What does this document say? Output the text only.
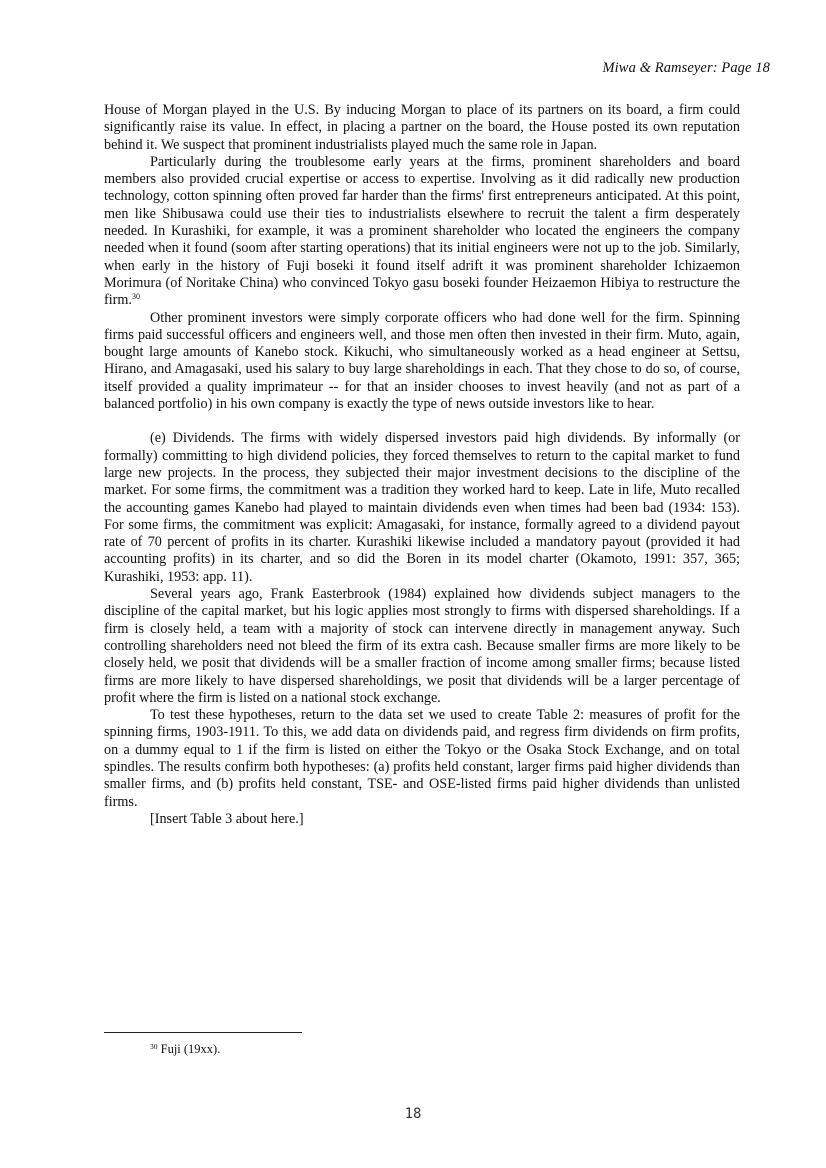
Miwa & Ramseyer: Page 18

House of Morgan played in the U.S. By inducing Morgan to place of its partners on its board, a firm could significantly raise its value. In effect, in placing a partner on the board, the House posted its own reputation behind it. We suspect that prominent industrialists played much the same role in Japan.

Particularly during the troublesome early years at the firms, prominent shareholders and board members also provided crucial expertise or access to expertise. Involving as it did radically new production technology, cotton spinning often proved far harder than the firms' first entrepreneurs anticipated. At this point, men like Shibusawa could use their ties to industrialists elsewhere to recruit the talent a firm desperately needed. In Kurashiki, for example, it was a prominent shareholder who located the engineers the company needed when it found (soom after starting operations) that its initial engineers were not up to the job. Similarly, when early in the history of Fuji boseki it found itself adrift it was prominent shareholder Ichizaemon Morimura (of Noritake China) who convinced Tokyo gasu boseki founder Heizaemon Hibiya to restructure the firm.$^{30}$

Other prominent investors were simply corporate officers who had done well for the firm. Spinning firms paid successful officers and engineers well, and those men often then invested in their firm. Muto, again, bought large amounts of Kanebo stock. Kikuchi, who simultaneously worked as a head engineer at Settsu, Hirano, and Amagasaki, used his salary to buy large shareholdings in each. That they chose to do so, of course, itself provided a quality imprimateur -- for that an insider chooses to invest heavily (and not as part of a balanced portfolio) in his own company is exactly the type of news outside investors like to hear.

(e) Dividends. The firms with widely dispersed investors paid high dividends. By informally (or formally) committing to high dividend policies, they forced themselves to return to the capital market to fund large new projects. In the process, they subjected their major investment decisions to the discipline of the market. For some firms, the commitment was a tradition they worked hard to keep. Late in life, Muto recalled the accounting games Kanebo had played to maintain dividends even when times had been bad (1934: 153). For some firms, the commitment was explicit: Amagasaki, for instance, formally agreed to a dividend payout rate of 70 percent of profits in its charter. Kurashiki likewise included a mandatory payout (provided it had accounting profits) in its charter, and so did the Boren in its model charter (Okamoto, 1991: 357, 365; Kurashiki, 1953: app. 11).

Several years ago, Frank Easterbrook (1984) explained how dividends subject managers to the discipline of the capital market, but his logic applies most strongly to firms with dispersed shareholdings. If a firm is closely held, a team with a majority of stock can intervene directly in management anyway. Such controlling shareholders need not bleed the firm of its extra cash. Because smaller firms are more likely to be closely held, we posit that dividends will be a smaller fraction of income among smaller firms; because listed firms are more likely to have dispersed shareholdings, we posit that dividends will be a larger percentage of profit where the firm is listed on a national stock exchange.

To test these hypotheses, return to the data set we used to create Table 2: measures of profit for the spinning firms, 1903-1911. To this, we add data on dividends paid, and regress firm dividends on firm profits, on a dummy equal to 1 if the firm is listed on either the Tokyo or the Osaka Stock Exchange, and on total spindles. The results confirm both hypotheses: (a) profits held constant, larger firms paid higher dividends than smaller firms, and (b) profits held constant, TSE- and OSE-listed firms paid higher dividends than unlisted firms.

[Insert Table 3 about here.]

$^{30}$ Fuji (19xx).
18
